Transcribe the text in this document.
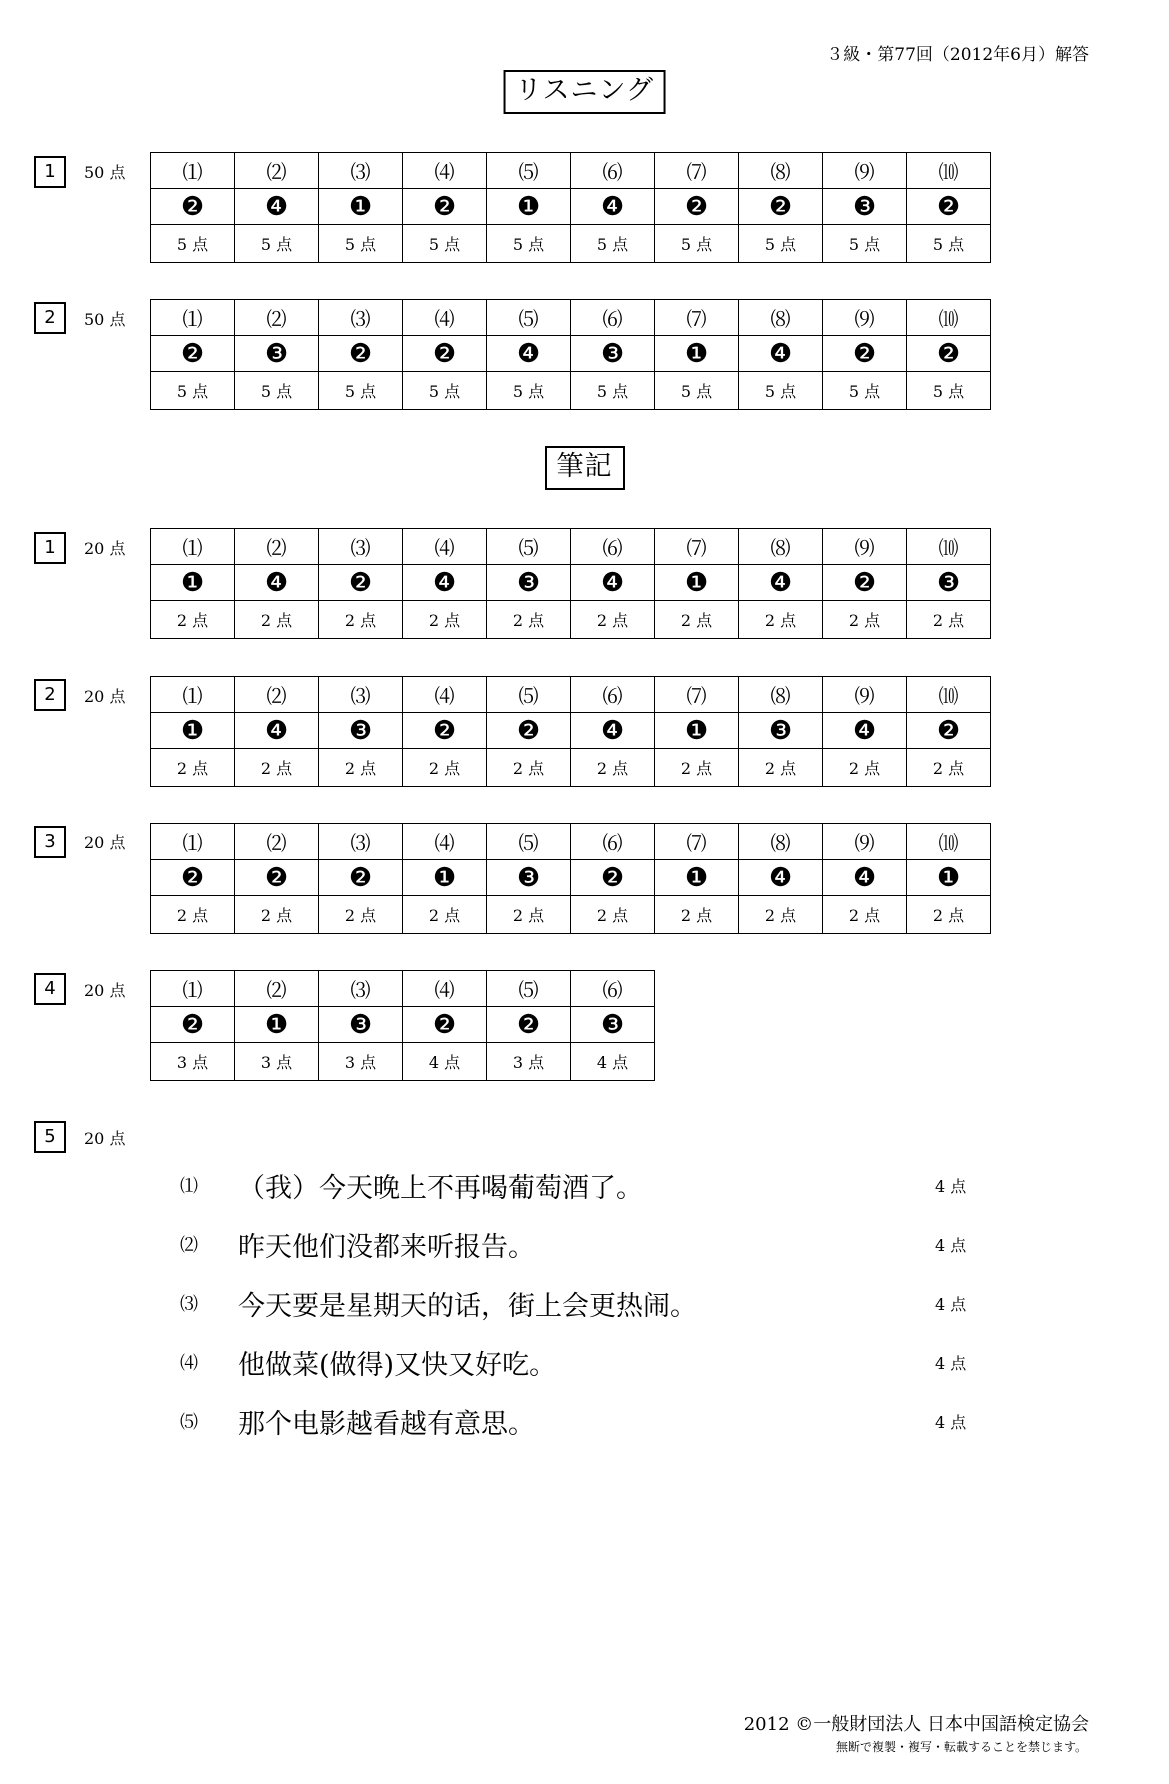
３級・第77回（2012年6月）解答
リスニング
1	50 点	⑴	⑵	⑶	⑷	⑸	⑹	⑺	⑻	⑼	⑽
❷	❹	❶	❷	❶	❹	❷	❷	❸	❷
5 点	5 点	5 点	5 点	5 点	5 点	5 点	5 点	5 点	5 点
2	50 点	⑴	⑵	⑶	⑷	⑸	⑹	⑺	⑻	⑼	⑽
❷	❸	❷	❷	❹	❸	❶	❹	❷	❷
5 点	5 点	5 点	5 点	5 点	5 点	5 点	5 点	5 点	5 点
筆記
1	20 点	⑴	⑵	⑶	⑷	⑸	⑹	⑺	⑻	⑼	⑽
❶	❹	❷	❹	❸	❹	❶	❹	❷	❸
2 点	2 点	2 点	2 点	2 点	2 点	2 点	2 点	2 点	2 点
2	20 点	⑴	⑵	⑶	⑷	⑸	⑹	⑺	⑻	⑼	⑽
❶	❹	❸	❷	❷	❹	❶	❸	❹	❷
2 点	2 点	2 点	2 点	2 点	2 点	2 点	2 点	2 点	2 点
3	20 点	⑴	⑵	⑶	⑷	⑸	⑹	⑺	⑻	⑼	⑽
❷	❷	❷	❶	❸	❷	❶	❹	❹	❶
2 点	2 点	2 点	2 点	2 点	2 点	2 点	2 点	2 点	2 点
4	20 点	⑴	⑵	⑶	⑷	⑸	⑹
❷	❶	❸	❷	❷	❸
3 点	3 点	3 点	4 点	3 点	4 点
5	20 点
⑴ （我）今天晚上不再喝葡萄酒了。	4 点
⑵ 昨天他们没都来听报告。	4 点
⑶ 今天要是星期天的话，街上会更热闹。	4 点
⑷ 他做菜(做得)又快又好吃。	4 点
⑸ 那个电影越看越有意思。	4 点
2012 ©一般財団法人 日本中国語検定協会
無断で複製・複写・転載することを禁じます。
